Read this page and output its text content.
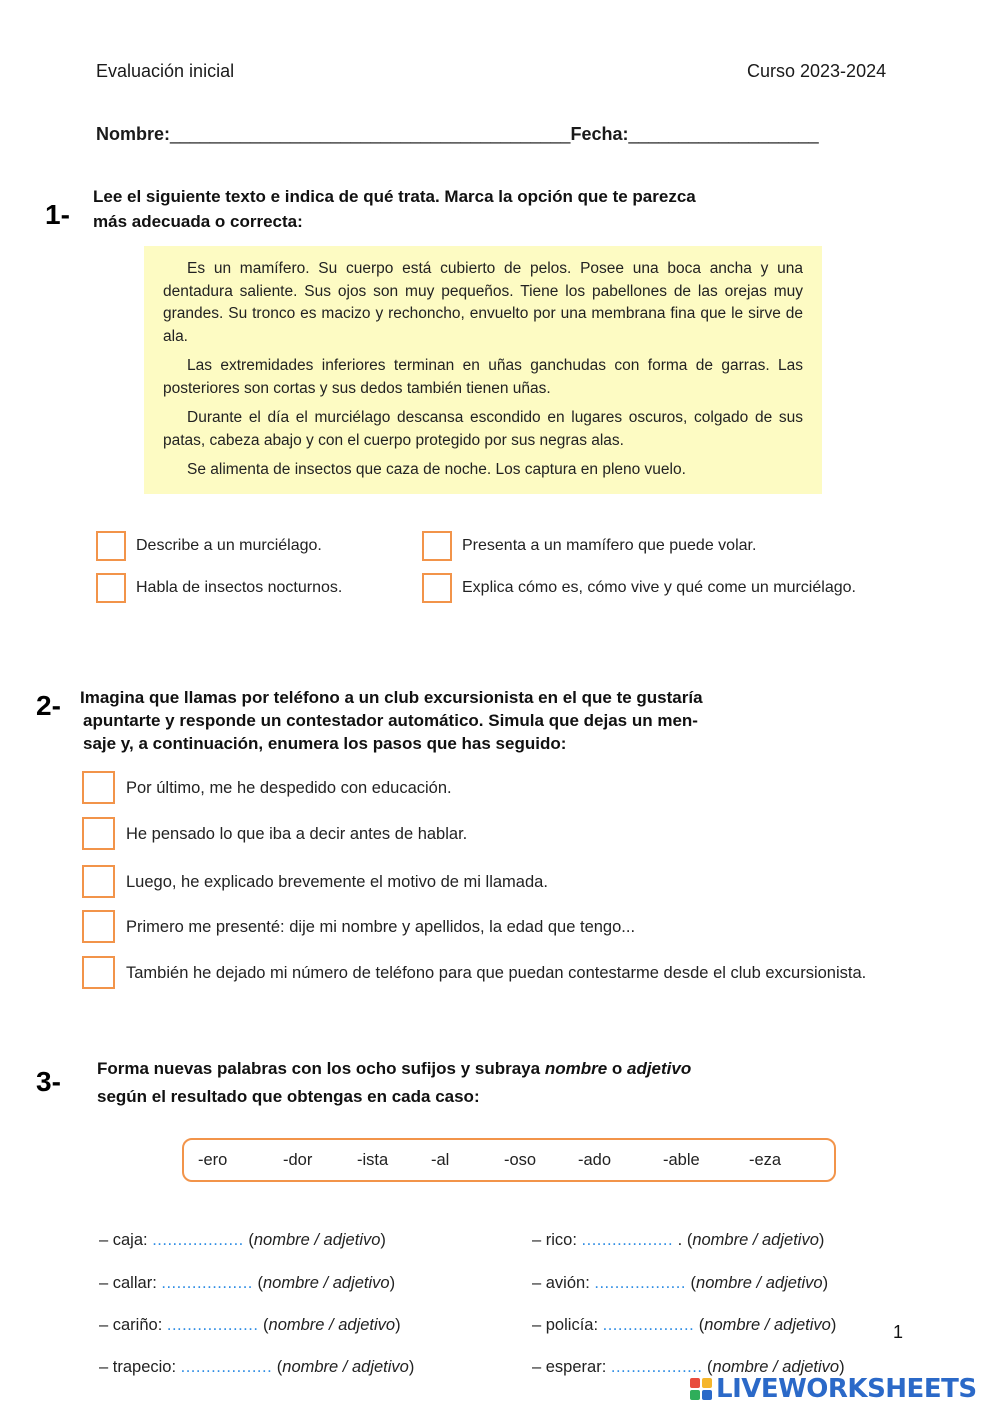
Evaluación inicial	Curso 2023-2024
Nombre:________________________________________Fecha:___________________
1-
Lee el siguiente texto e indica de qué trata. Marca la opción que te parezca
más adecuada o correcta:

Es un mamífero. Su cuerpo está cubierto de pelos. Posee una boca ancha y una dentadura saliente. Sus ojos son muy pequeños. Tiene los pabellones de las orejas muy grandes. Su tronco es macizo y rechoncho, envuelto por una membrana fina que le sirve de ala.

Las extremidades inferiores terminan en uñas ganchudas con forma de garras. Las posteriores son cortas y sus dedos también tienen uñas.

Durante el día el murciélago descansa escondido en lugares oscuros, colgado de sus patas, cabeza abajo y con el cuerpo protegido por sus negras alas.

Se alimenta de insectos que caza de noche. Los captura en pleno vuelo.

Describe a un murciélago.	Presenta a un mamífero que puede volar.
Habla de insectos nocturnos.	Explica cómo es, cómo vive y qué come un murciélago.
2- Imagina que llamas por teléfono a un club excursionista en el que te gustaría
apuntarte y responde un contestador automático. Simula que dejas un men-
saje y, a continuación, enumera los pasos que has seguido:
Por último, me he despedido con educación.
He pensado lo que iba a decir antes de hablar.
Luego, he explicado brevemente el motivo de mi llamada.
Primero me presenté: dije mi nombre y apellidos, la edad que tengo...
También he dejado mi número de teléfono para que puedan contestarme desde el club excursionista.
3- Forma nuevas palabras con los ocho sufijos y subraya nombre o adjetivo
según el resultado que obtengas en cada caso:
-ero	-dor	-ista	-al	-oso	-ado	-able	-eza
– caja: .................. (nombre / adjetivo)
– callar: .................. (nombre / adjetivo)
– cariño: .................. (nombre / adjetivo)
– trapecio: .................. (nombre / adjetivo)
– rico: .................. . (nombre / adjetivo)
– avión: .................. (nombre / adjetivo)
– policía: .................. (nombre / adjetivo)
– esperar: .................. (nombre / adjetivo)
1
LIVEWORKSHEETS
